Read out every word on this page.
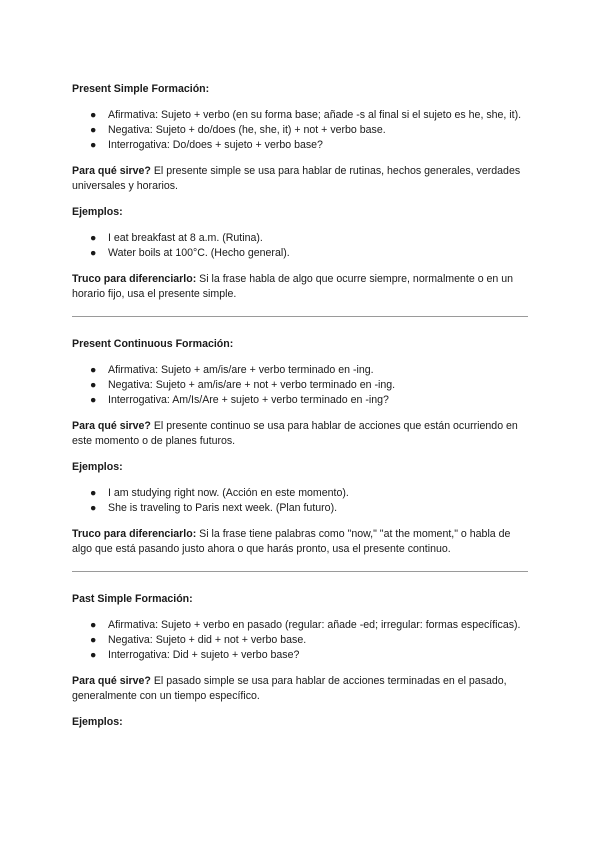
Present Simple Formación:
● Afirmativa: Sujeto + verbo (en su forma base; añade -s al final si el sujeto es he, she, it).
● Negativa: Sujeto + do/does (he, she, it) + not + verbo base.
● Interrogativa: Do/does + sujeto + verbo base?

Para qué sirve? El presente simple se usa para hablar de rutinas, hechos generales, verdades universales y horarios.

Ejemplos:
● I eat breakfast at 8 a.m. (Rutina).
● Water boils at 100°C. (Hecho general).

Truco para diferenciarlo: Si la frase habla de algo que ocurre siempre, normalmente o en un horario fijo, usa el presente simple.

Present Continuous Formación:
● Afirmativa: Sujeto + am/is/are + verbo terminado en -ing.
● Negativa: Sujeto + am/is/are + not + verbo terminado en -ing.
● Interrogativa: Am/Is/Are + sujeto + verbo terminado en -ing?

Para qué sirve? El presente continuo se usa para hablar de acciones que están ocurriendo en este momento o de planes futuros.

Ejemplos:
● I am studying right now. (Acción en este momento).
● She is traveling to Paris next week. (Plan futuro).

Truco para diferenciarlo: Si la frase tiene palabras como "now," "at the moment," o habla de algo que está pasando justo ahora o que harás pronto, usa el presente continuo.

Past Simple Formación:
● Afirmativa: Sujeto + verbo en pasado (regular: añade -ed; irregular: formas específicas).
● Negativa: Sujeto + did + not + verbo base.
● Interrogativa: Did + sujeto + verbo base?

Para qué sirve? El pasado simple se usa para hablar de acciones terminadas en el pasado, generalmente con un tiempo específico.

Ejemplos:
